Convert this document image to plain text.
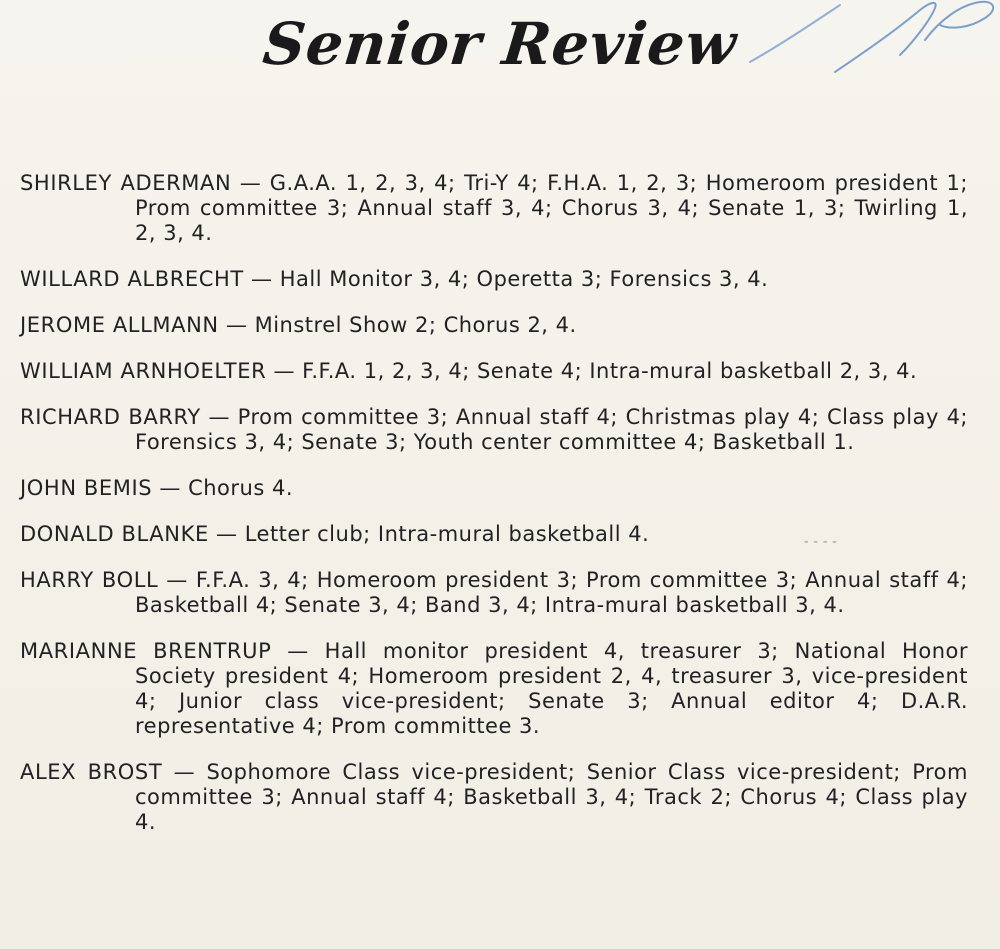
Senior Review

SHIRLEY ADERMAN — G.A.A. 1, 2, 3, 4; Tri-Y 4; F.H.A. 1, 2, 3; Homeroom president 1; Prom committee 3; Annual staff 3, 4; Chorus 3, 4; Senate 1, 3; Twirling 1, 2, 3, 4.

WILLARD ALBRECHT — Hall Monitor 3, 4; Operetta 3; Forensics 3, 4.

JEROME ALLMANN — Minstrel Show 2; Chorus 2, 4.

WILLIAM ARNHOELTER — F.F.A. 1, 2, 3, 4; Senate 4; Intra-mural basketball 2, 3, 4.

RICHARD BARRY — Prom committee 3; Annual staff 4; Christmas play 4; Class play 4; Forensics 3, 4; Senate 3; Youth center committee 4; Basketball 1.

JOHN BEMIS — Chorus 4.

DONALD BLANKE — Letter club; Intra-mural basketball 4.

HARRY BOLL — F.F.A. 3, 4; Homeroom president 3; Prom committee 3; Annual staff 4; Basketball 4; Senate 3, 4; Band 3, 4; Intra-mural basketball 3, 4.

MARIANNE BRENTRUP — Hall monitor president 4, treasurer 3; National Honor Society president 4; Homeroom president 2, 4, treasurer 3, vice-president 4; Junior class vice-president; Senate 3; Annual editor 4; D.A.R. representative 4; Prom committee 3.

ALEX BROST — Sophomore Class vice-president; Senior Class vice-president; Prom committee 3; Annual staff 4; Basketball 3, 4; Track 2; Chorus 4; Class play 4.

----
